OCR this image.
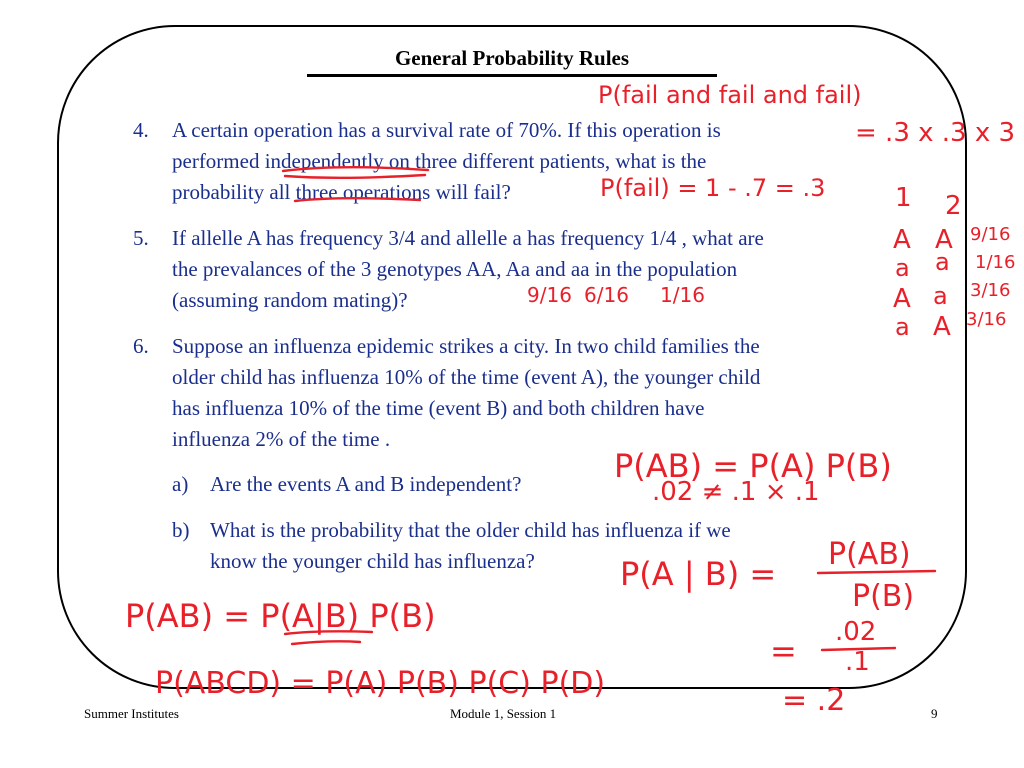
General Probability Rules
4. A certain operation has a survival rate of 70%. If this operation is
performed independently on three different patients, what is the
probability all three operations will fail?
5. If allelle A has frequency 3/4 and allelle a has frequency 1/4 , what are
the prevalances of the 3 genotypes AA, Aa and aa in the population
(assuming random mating)?
6. Suppose an influenza epidemic strikes a city. In two child families the
older child has influenza 10% of the time (event A), the younger child
has influenza 10% of the time (event B) and both children have
influenza 2% of the time .
a) Are the events A and B independent?
b) What is the probability that the older child has influenza if we
know the younger child has influenza?
P(fail and fail and fail)
= .3 x .3 x 3
P(fail) = 1 - .7 = .3	1 2
A A 9/16
a a 1/16
A a 3/16
a A 3/16
9/16 6/16 1/16
P(AB) = P(A) P(B)
.02 ≠ .1 × .1
P(A | B) =
P(AB)
P(B)
= .02
.1
= .2
P(AB) = P(A|B) P(B)
P(ABCD) = P(A) P(B) P(C) P(D)
Summer Institutes	Module 1, Session 1	9
